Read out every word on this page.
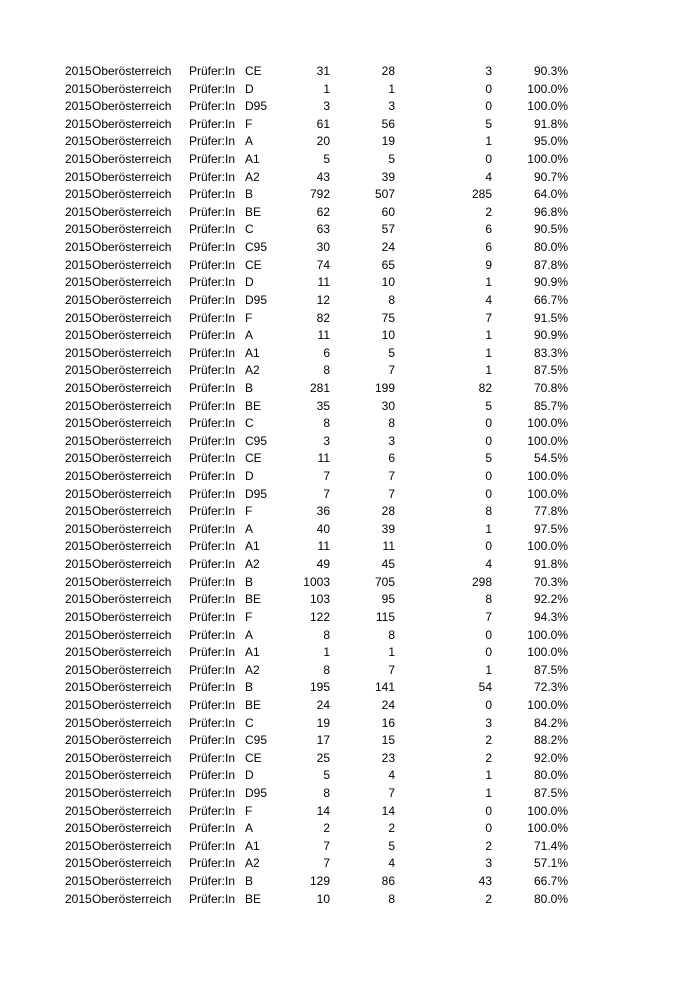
2015 Oberösterreich Prüfer:In CE	31	28	3	90.3%
2015 Oberösterreich Prüfer:In D	1	1	0	100.0%
2015 Oberösterreich Prüfer:In D95	3	3	0	100.0%
2015 Oberösterreich Prüfer:In F	61	56	5	91.8%
2015 Oberösterreich Prüfer:In A	20	19	1	95.0%
2015 Oberösterreich Prüfer:In A1	5	5	0	100.0%
2015 Oberösterreich Prüfer:In A2	43	39	4	90.7%
2015 Oberösterreich Prüfer:In B	792	507	285	64.0%
2015 Oberösterreich Prüfer:In BE	62	60	2	96.8%
2015 Oberösterreich Prüfer:In C	63	57	6	90.5%
2015 Oberösterreich Prüfer:In C95	30	24	6	80.0%
2015 Oberösterreich Prüfer:In CE	74	65	9	87.8%
2015 Oberösterreich Prüfer:In D	11	10	1	90.9%
2015 Oberösterreich Prüfer:In D95	12	8	4	66.7%
2015 Oberösterreich Prüfer:In F	82	75	7	91.5%
2015 Oberösterreich Prüfer:In A	11	10	1	90.9%
2015 Oberösterreich Prüfer:In A1	6	5	1	83.3%
2015 Oberösterreich Prüfer:In A2	8	7	1	87.5%
2015 Oberösterreich Prüfer:In B	281	199	82	70.8%
2015 Oberösterreich Prüfer:In BE	35	30	5	85.7%
2015 Oberösterreich Prüfer:In C	8	8	0	100.0%
2015 Oberösterreich Prüfer:In C95	3	3	0	100.0%
2015 Oberösterreich Prüfer:In CE	11	6	5	54.5%
2015 Oberösterreich Prüfer:In D	7	7	0	100.0%
2015 Oberösterreich Prüfer:In D95	7	7	0	100.0%
2015 Oberösterreich Prüfer:In F	36	28	8	77.8%
2015 Oberösterreich Prüfer:In A	40	39	1	97.5%
2015 Oberösterreich Prüfer:In A1	11	11	0	100.0%
2015 Oberösterreich Prüfer:In A2	49	45	4	91.8%
2015 Oberösterreich Prüfer:In B	1003	705	298	70.3%
2015 Oberösterreich Prüfer:In BE	103	95	8	92.2%
2015 Oberösterreich Prüfer:In F	122	115	7	94.3%
2015 Oberösterreich Prüfer:In A	8	8	0	100.0%
2015 Oberösterreich Prüfer:In A1	1	1	0	100.0%
2015 Oberösterreich Prüfer:In A2	8	7	1	87.5%
2015 Oberösterreich Prüfer:In B	195	141	54	72.3%
2015 Oberösterreich Prüfer:In BE	24	24	0	100.0%
2015 Oberösterreich Prüfer:In C	19	16	3	84.2%
2015 Oberösterreich Prüfer:In C95	17	15	2	88.2%
2015 Oberösterreich Prüfer:In CE	25	23	2	92.0%
2015 Oberösterreich Prüfer:In D	5	4	1	80.0%
2015 Oberösterreich Prüfer:In D95	8	7	1	87.5%
2015 Oberösterreich Prüfer:In F	14	14	0	100.0%
2015 Oberösterreich Prüfer:In A	2	2	0	100.0%
2015 Oberösterreich Prüfer:In A1	7	5	2	71.4%
2015 Oberösterreich Prüfer:In A2	7	4	3	57.1%
2015 Oberösterreich Prüfer:In B	129	86	43	66.7%
2015 Oberösterreich Prüfer:In BE	10	8	2	80.0%
